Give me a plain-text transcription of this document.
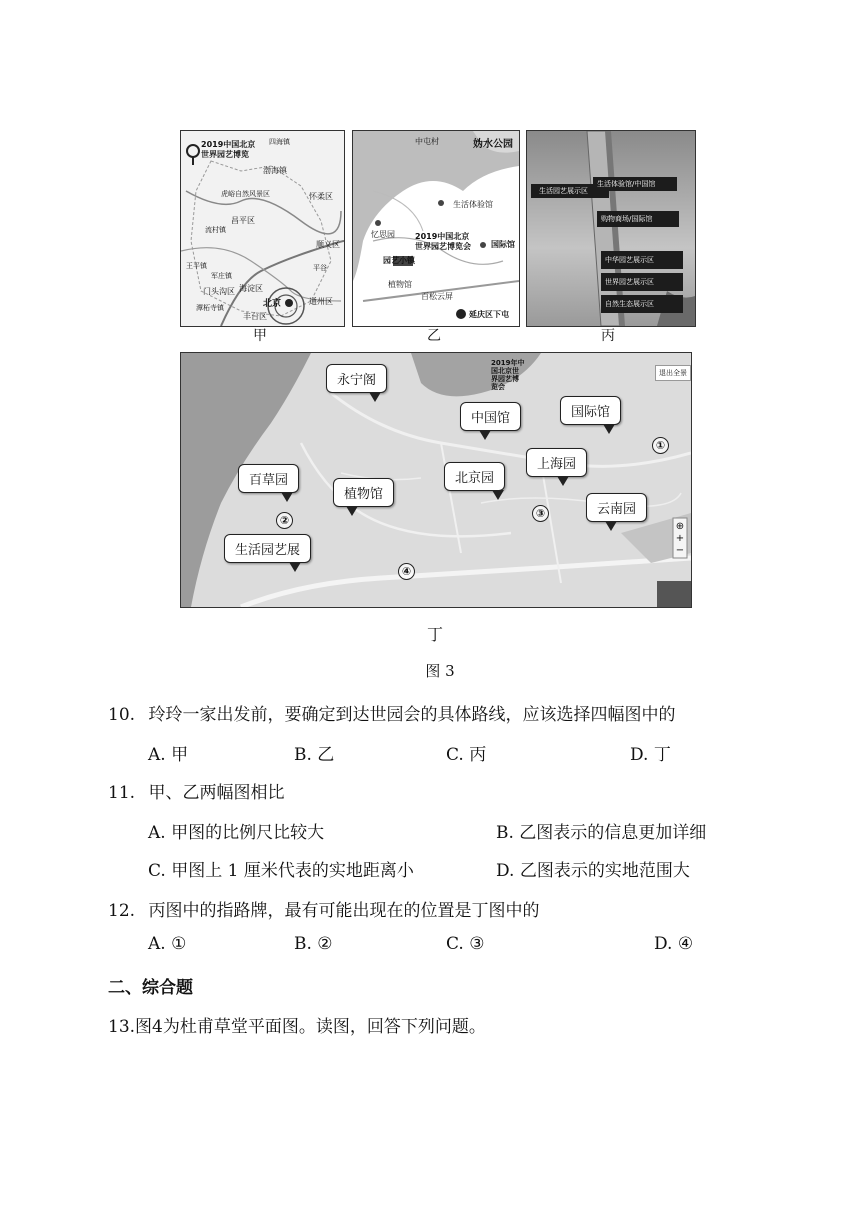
2019中国北京
世界园艺博览
四海镇
渤海镇
怀柔区
虎峪自然风景区
昌平区
北京
海淀区
门头沟区
丰台区
通州区
顺义区
平谷
流村镇
军庄镇
潭柘寺镇
王平镇
甲
中屯村	妫水公园
生活体验馆
2019中国北京
世界园艺博览会	国际馆
园艺小镇
植物馆
百松云屏
延庆区下屯
忆思园
乙
生活园艺展示区
生活体验馆/中国馆
购物商场/国际馆
中华园艺展示区
世界园艺展示区
自然生态展示区
丙
2019年中国北京世界园艺博览会
退出全景
⊕
+
−
永宁阁
中国馆	国际馆
百草园
植物馆
北京园
上海园
云南园
生活园艺展
①
②
③
④
丁
图 3
10. 玲玲一家出发前，要确定到达世园会的具体路线，应该选择四幅图中的
A. 甲	B. 乙	C. 丙	D. 丁
11. 甲、乙两幅图相比
A. 甲图的比例尺比较大	B. 乙图表示的信息更加详细
C. 甲图上 1 厘米代表的实地距离小	D. 乙图表示的实地范围大
12. 丙图中的指路牌，最有可能出现在的位置是丁图中的
A. ①	B. ②	C. ③	D. ④
二、综合题
13.图4为杜甫草堂平面图。读图，回答下列问题。
